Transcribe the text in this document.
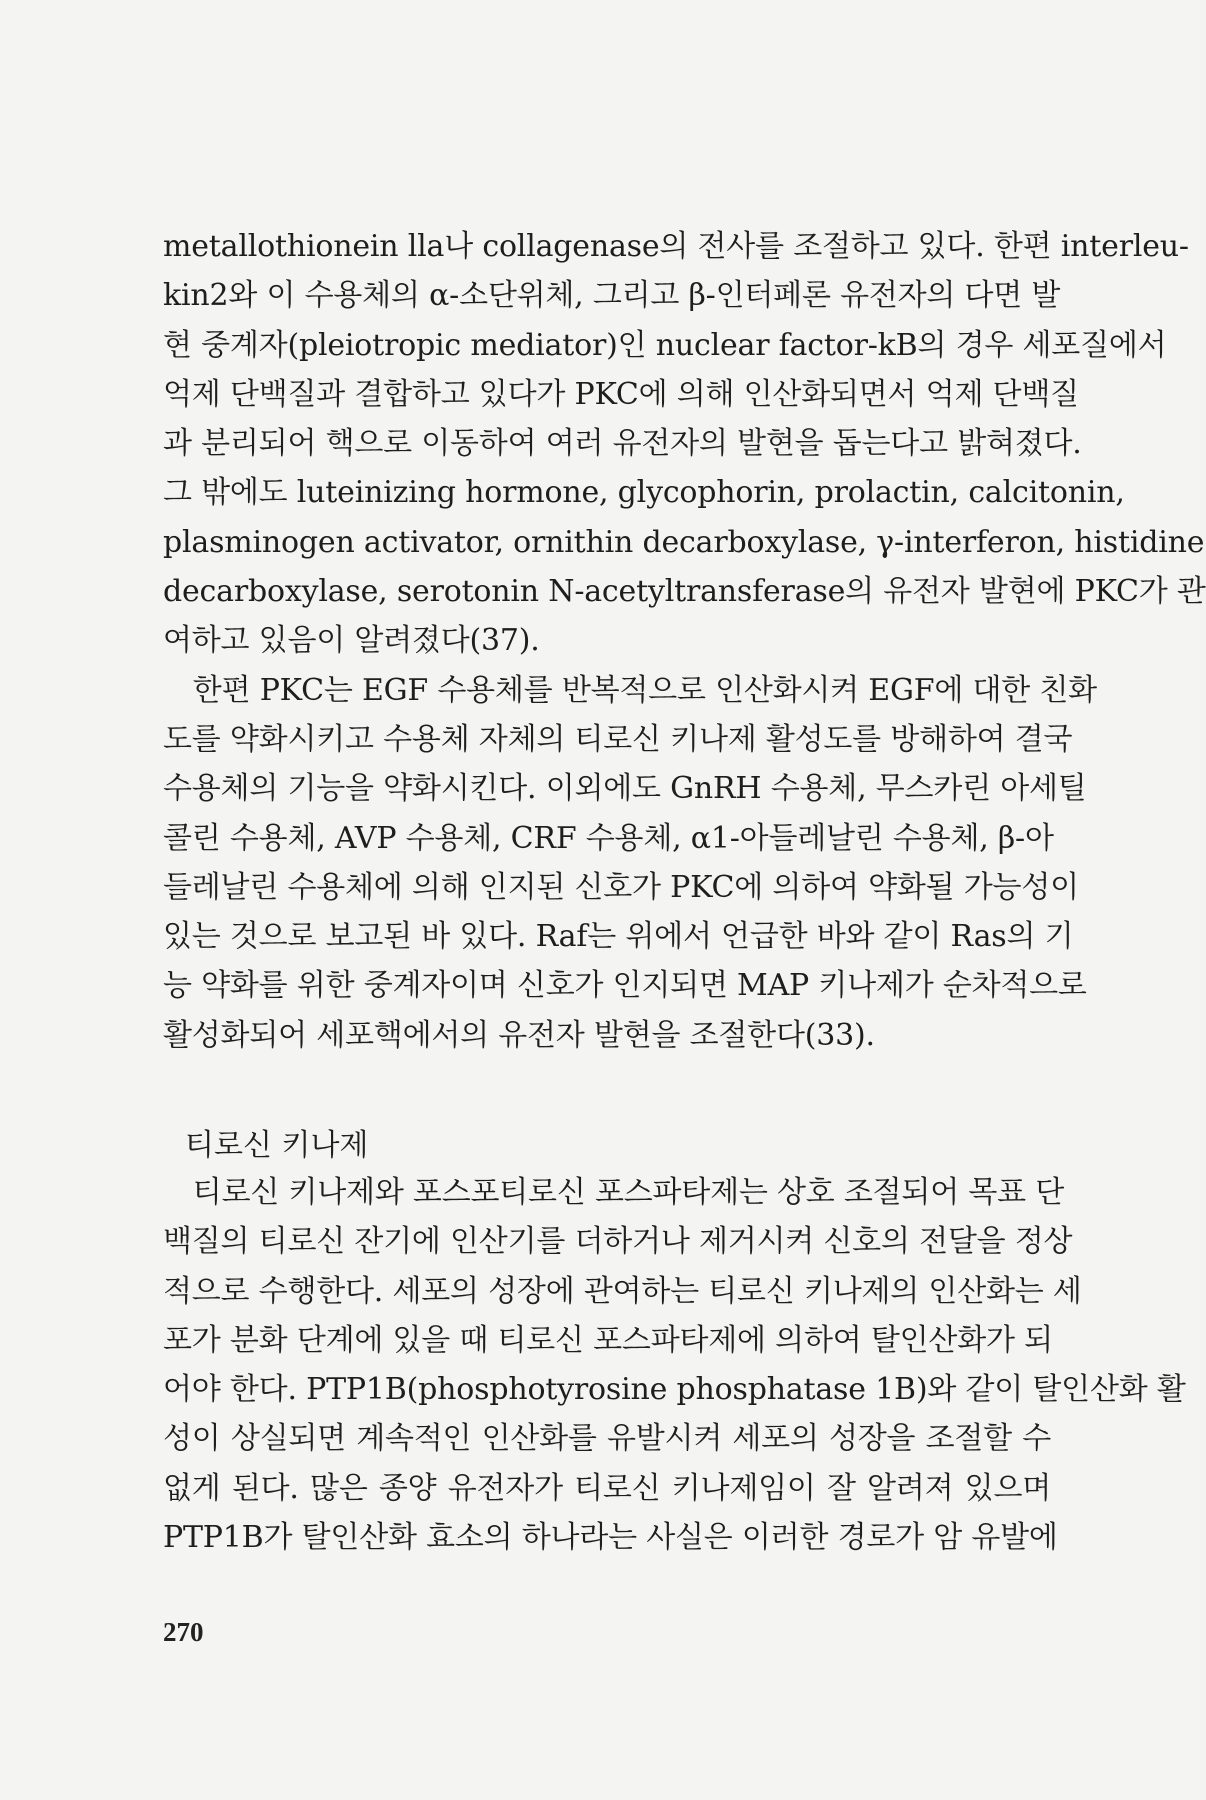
metallothionein lla나 collagenase의 전사를 조절하고 있다. 한편 interleu-
kin2와 이 수용체의 α-소단위체, 그리고 β-인터페론 유전자의 다면 발
현 중계자(pleiotropic mediator)인 nuclear factor-kB의 경우 세포질에서
억제 단백질과 결합하고 있다가 PKC에 의해 인산화되면서 억제 단백질
과 분리되어 핵으로 이동하여 여러 유전자의 발현을 돕는다고 밝혀졌다.
그 밖에도 luteinizing hormone, glycophorin, prolactin, calcitonin,
plasminogen activator, ornithin decarboxylase, γ-interferon, histidine
decarboxylase, serotonin N-acetyltransferase의 유전자 발현에 PKC가 관
여하고 있음이 알려졌다(37).

　한편 PKC는 EGF 수용체를 반복적으로 인산화시켜 EGF에 대한 친화
도를 약화시키고 수용체 자체의 티로신 키나제 활성도를 방해하여 결국
수용체의 기능을 약화시킨다. 이외에도 GnRH 수용체, 무스카린 아세틸
콜린 수용체, AVP 수용체, CRF 수용체, α1-아들레날린 수용체, β-아
들레날린 수용체에 의해 인지된 신호가 PKC에 의하여 약화될 가능성이
있는 것으로 보고된 바 있다. Raf는 위에서 언급한 바와 같이 Ras의 기
능 약화를 위한 중계자이며 신호가 인지되면 MAP 키나제가 순차적으로
활성화되어 세포핵에서의 유전자 발현을 조절한다(33).

티로신 키나제

　티로신 키나제와 포스포티로신 포스파타제는 상호 조절되어 목표 단
백질의 티로신 잔기에 인산기를 더하거나 제거시켜 신호의 전달을 정상
적으로 수행한다. 세포의 성장에 관여하는 티로신 키나제의 인산화는 세
포가 분화 단계에 있을 때 티로신 포스파타제에 의하여 탈인산화가 되
어야 한다. PTP1B(phosphotyrosine phosphatase 1B)와 같이 탈인산화 활
성이 상실되면 계속적인 인산화를 유발시켜 세포의 성장을 조절할 수
없게 된다. 많은 종양 유전자가 티로신 키나제임이 잘 알려져 있으며
PTP1B가 탈인산화 효소의 하나라는 사실은 이러한 경로가 암 유발에

270
